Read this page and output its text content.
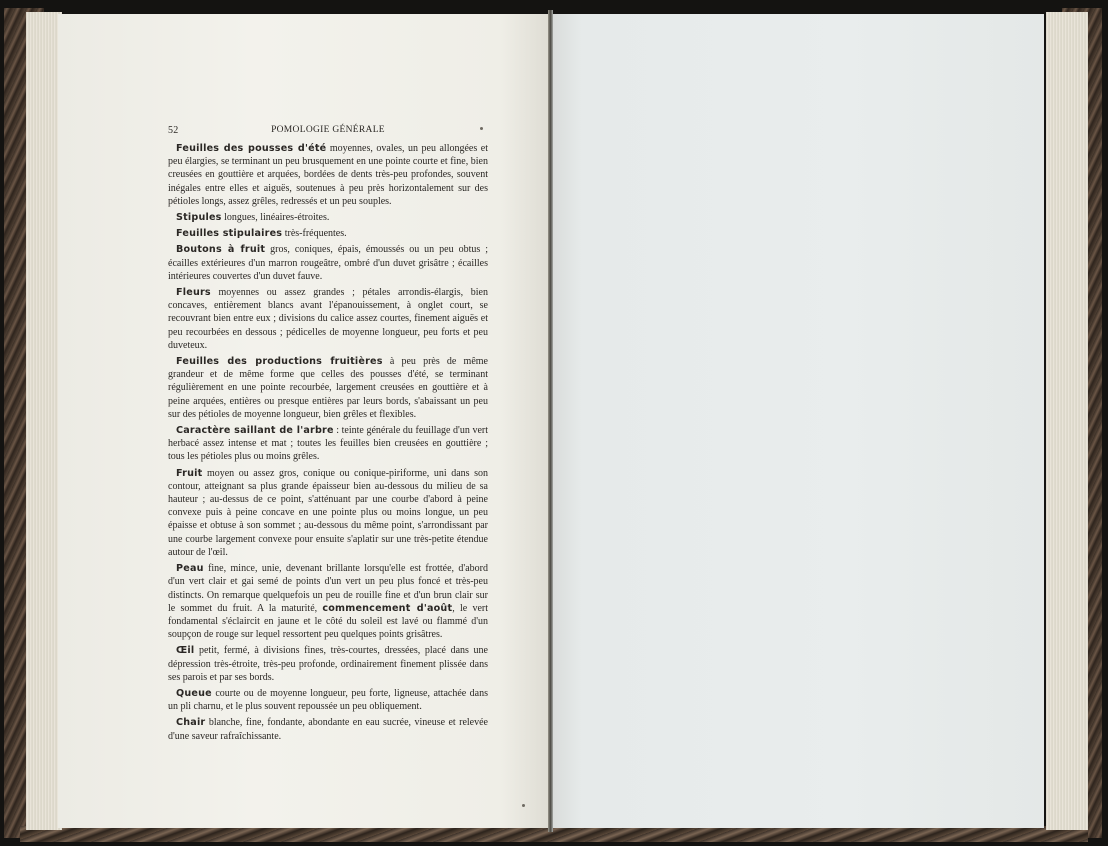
52	POMOLOGIE GÉNÉRALE

Feuilles des pousses d'été moyennes, ovales, un peu allongées et peu élargies, se terminant un peu brusquement en une pointe courte et fine, bien creusées en gouttière et arquées, bordées de dents très-peu profondes, souvent inégales entre elles et aiguës, soutenues à peu près horizontalement sur des pétioles longs, assez grêles, redressés et un peu souples.

Stipules longues, linéaires-étroites.

Feuilles stipulaires très-fréquentes.

Boutons à fruit gros, coniques, épais, émoussés ou un peu obtus ; écailles extérieures d'un marron rougeâtre, ombré d'un duvet grisâtre ; écailles intérieures couvertes d'un duvet fauve.

Fleurs moyennes ou assez grandes ; pétales arrondis-élargis, bien concaves, entièrement blancs avant l'épanouissement, à onglet court, se recouvrant bien entre eux ; divisions du calice assez courtes, finement aiguës et peu recourbées en dessous ; pédicelles de moyenne longueur, peu forts et peu duveteux.

Feuilles des productions fruitières à peu près de même grandeur et de même forme que celles des pousses d'été, se terminant régulièrement en une pointe recourbée, largement creusées en gouttière et à peine arquées, entières ou presque entières par leurs bords, s'abaissant un peu sur des pétioles de moyenne longueur, bien grêles et flexibles.

Caractère saillant de l'arbre : teinte générale du feuillage d'un vert herbacé assez intense et mat ; toutes les feuilles bien creusées en gouttière ; tous les pétioles plus ou moins grêles.

Fruit moyen ou assez gros, conique ou conique-piriforme, uni dans son contour, atteignant sa plus grande épaisseur bien au-dessous du milieu de sa hauteur ; au-dessus de ce point, s'atténuant par une courbe d'abord à peine convexe puis à peine concave en une pointe plus ou moins longue, un peu épaisse et obtuse à son sommet ; au-dessous du même point, s'arrondissant par une courbe largement convexe pour ensuite s'aplatir sur une très-petite étendue autour de l'œil.

Peau fine, mince, unie, devenant brillante lorsqu'elle est frottée, d'abord d'un vert clair et gai semé de points d'un vert un peu plus foncé et très-peu distincts. On remarque quelquefois un peu de rouille fine et d'un brun clair sur le sommet du fruit. A la maturité, commencement d'août, le vert fondamental s'éclaircit en jaune et le côté du soleil est lavé ou flammé d'un soupçon de rouge sur lequel ressortent peu quelques points grisâtres.

Œil petit, fermé, à divisions fines, très-courtes, dressées, placé dans une dépression très-étroite, très-peu profonde, ordinairement finement plissée dans ses parois et par ses bords.

Queue courte ou de moyenne longueur, peu forte, ligneuse, attachée dans un pli charnu, et le plus souvent repoussée un peu obliquement.

Chair blanche, fine, fondante, abondante en eau sucrée, vineuse et relevée d'une saveur rafraîchissante.
